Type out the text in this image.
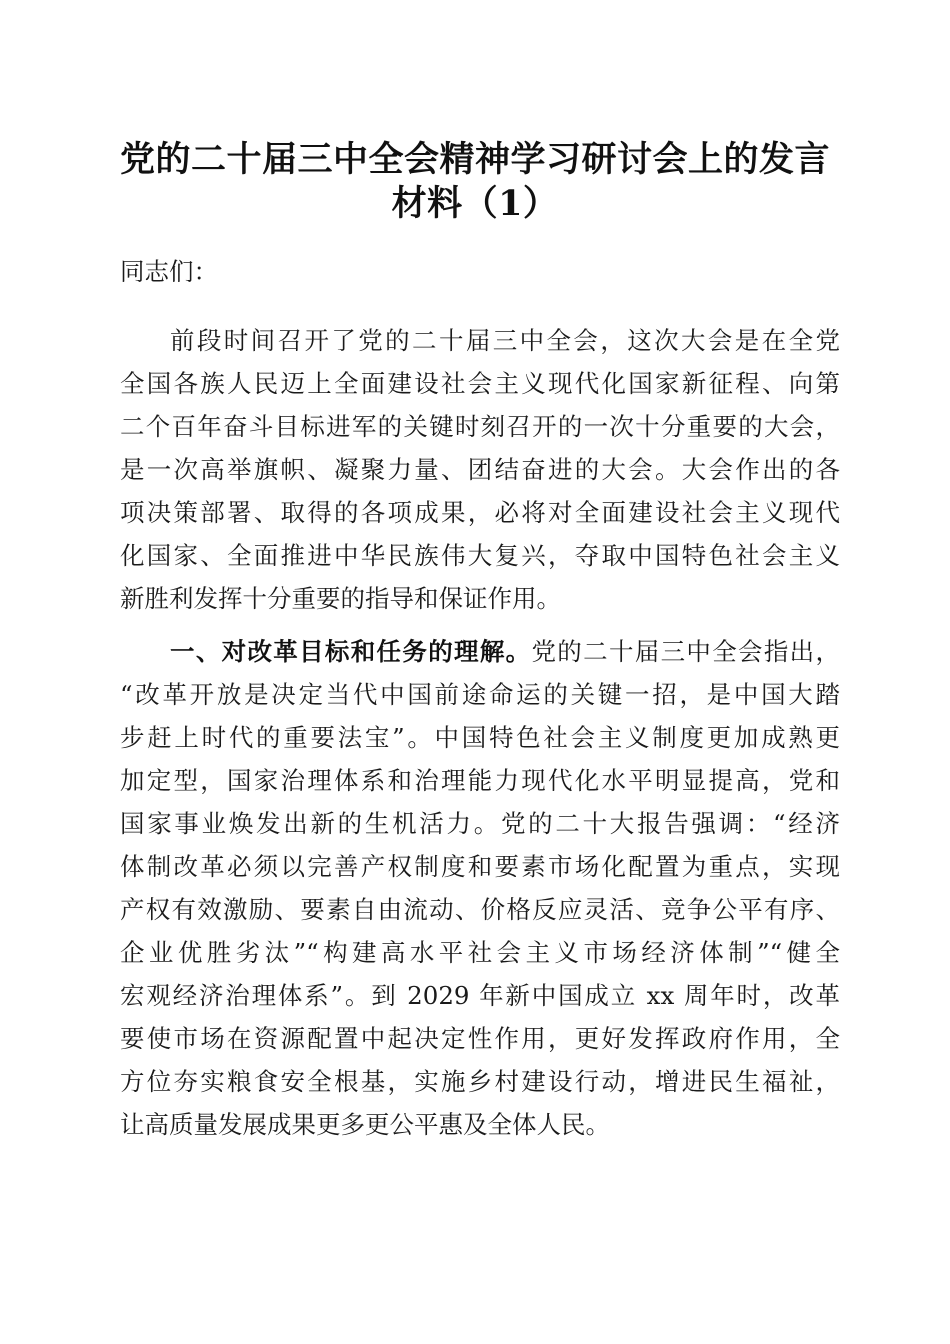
党的二十届三中全会精神学习研讨会上的发言
材料（1）
同志们：
前段时间召开了党的二十届三中全会，这次大会是在全党
全国各族人民迈上全面建设社会主义现代化国家新征程、向第
二个百年奋斗目标进军的关键时刻召开的一次十分重要的大会，
是一次高举旗帜、凝聚力量、团结奋进的大会。大会作出的各
项决策部署、取得的各项成果，必将对全面建设社会主义现代
化国家、全面推进中华民族伟大复兴，夺取中国特色社会主义
新胜利发挥十分重要的指导和保证作用。
一、对改革目标和任务的理解。党的二十届三中全会指出，
“改革开放是决定当代中国前途命运的关键一招，是中国大踏
步赶上时代的重要法宝”。中国特色社会主义制度更加成熟更
加定型，国家治理体系和治理能力现代化水平明显提高，党和
国家事业焕发出新的生机活力。党的二十大报告强调：“经济
体制改革必须以完善产权制度和要素市场化配置为重点，实现
产权有效激励、要素自由流动、价格反应灵活、竞争公平有序、
企业优胜劣汰”“构建高水平社会主义市场经济体制”“健全
宏观经济治理体系”。到 2029 年新中国成立 xx 周年时，改革
要使市场在资源配置中起决定性作用，更好发挥政府作用，全
方位夯实粮食安全根基，实施乡村建设行动，增进民生福祉，
让高质量发展成果更多更公平惠及全体人民。
